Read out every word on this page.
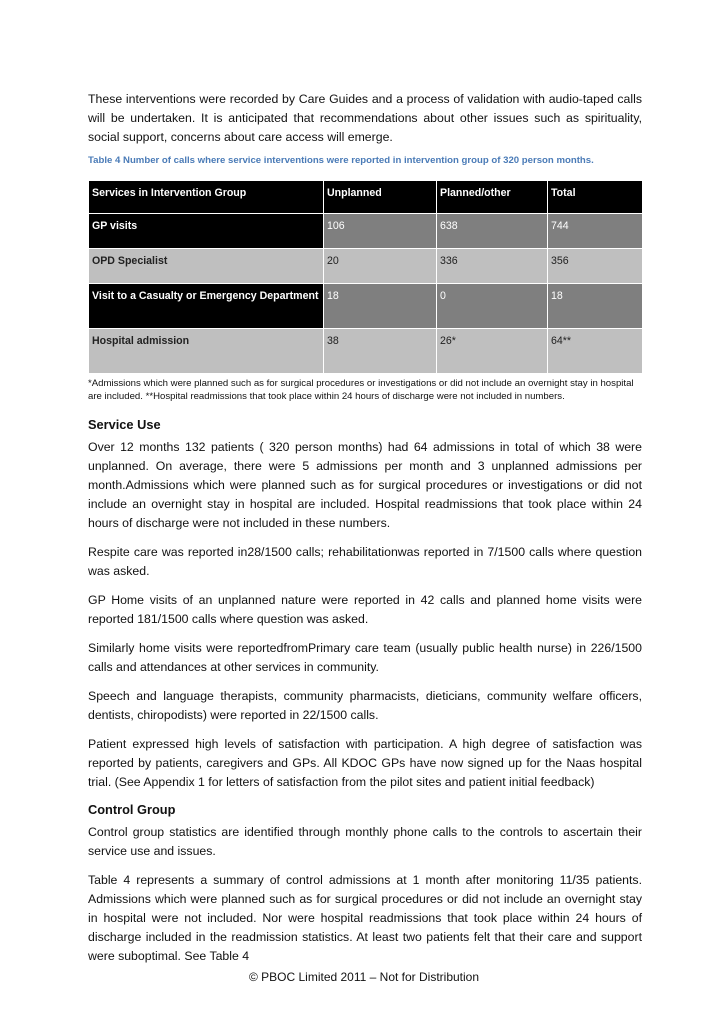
These interventions were recorded by Care Guides and a process of validation with audio-taped calls will be undertaken. It is anticipated that recommendations about other issues such as spirituality, social support, concerns about care access will emerge.

Table 4 Number of calls where service interventions were reported in intervention group of 320 person months.

Services in Intervention Group	Unplanned	Planned/other	Total
GP visits	106	638	744
OPD Specialist	20	336	356
Visit to a Casualty or Emergency Department	18	0	18
Hospital admission	38	26*	64**

*Admissions which were planned such as for surgical procedures or investigations or did not include an overnight stay in hospital are included. **Hospital readmissions that took place within 24 hours of discharge were not included in numbers.

Service Use

Over 12 months 132 patients ( 320 person months) had 64 admissions in total of which 38 were unplanned. On average, there were 5 admissions per month and 3 unplanned admissions per month.Admissions which were planned such as for surgical procedures or investigations or did not include an overnight stay in hospital are included. Hospital readmissions that took place within 24 hours of discharge were not included in these numbers.

Respite care was reported in28/1500 calls; rehabilitationwas reported in 7/1500 calls where question was asked.

GP Home visits of an unplanned nature were reported in 42 calls and planned home visits were reported 181/1500 calls where question was asked.

Similarly home visits were reportedfromPrimary care team (usually public health nurse) in 226/1500 calls and attendances at other services in community.

Speech and language therapists, community pharmacists, dieticians, community welfare officers, dentists, chiropodists) were reported in 22/1500 calls.

Patient expressed high levels of satisfaction with participation. A high degree of satisfaction was reported by patients, caregivers and GPs. All KDOC GPs have now signed up for the Naas hospital trial. (See Appendix 1 for letters of satisfaction from the pilot sites and patient initial feedback)

Control Group

Control group statistics are identified through monthly phone calls to the controls to ascertain their service use and issues.

Table 4 represents a summary of control admissions at 1 month after monitoring 11/35 patients. Admissions which were planned such as for surgical procedures or did not include an overnight stay in hospital were not included. Nor were hospital readmissions that took place within 24 hours of discharge included in the readmission statistics. At least two patients felt that their care and support were suboptimal. See Table 4

© PBOC Limited 2011 – Not for Distribution
